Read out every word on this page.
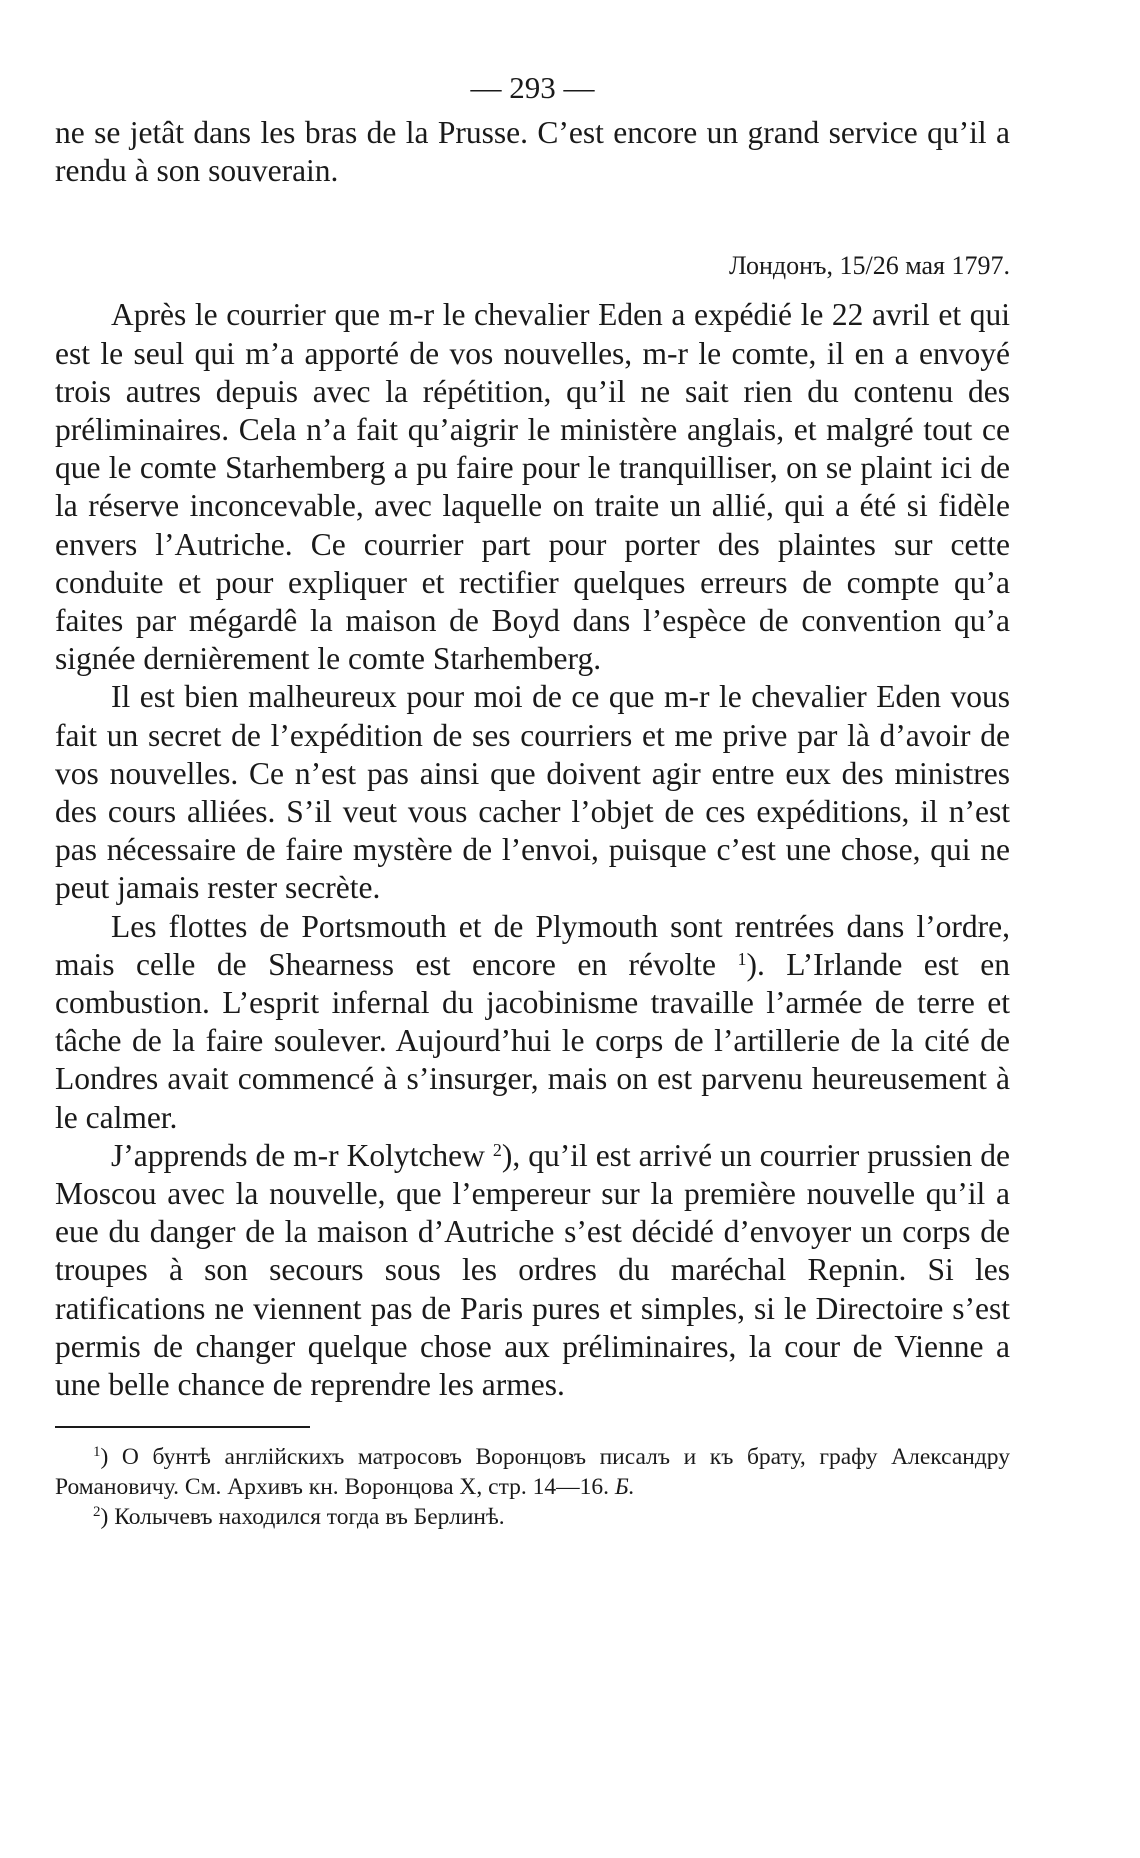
— 293 —

ne se jetât dans les bras de la Prusse. C’est encore un grand service qu’il a rendu à son souverain.

Лондонъ, 15/26 мая 1797.

Après le courrier que m-r le chevalier Eden a expédié le 22 avril et qui est le seul qui m’a apporté de vos nouvelles, m-r le comte, il en a envoyé trois autres depuis avec la répétition, qu’il ne sait rien du contenu des préliminaires. Cela n’a fait qu’aigrir le ministère anglais, et malgré tout ce que le comte Starhemberg a pu faire pour le tranquilliser, on se plaint ici de la réserve inconcevable, avec laquelle on traite un allié, qui a été si fidèle envers l’Autriche. Ce courrier part pour porter des plaintes sur cette conduite et pour expliquer et rectifier quelques erreurs de compte qu’a faites par mégardê la maison de Boyd dans l’espèce de convention qu’a signée dernièrement le comte Starhemberg.

Il est bien malheureux pour moi de ce que m-r le chevalier Eden vous fait un secret de l’expédition de ses courriers et me prive par là d’avoir de vos nouvelles. Ce n’est pas ainsi que doivent agir entre eux des ministres des cours alliées. S’il veut vous cacher l’objet de ces expéditions, il n’est pas nécessaire de faire mystère de l’envoi, puisque c’est une chose, qui ne peut jamais rester secrète.

Les flottes de Portsmouth et de Plymouth sont rentrées dans l’ordre, mais celle de Shearness est encore en révolte $^1$). L’Irlande est en combustion. L’esprit infernal du jacobinisme travaille l’armée de terre et tâche de la faire soulever. Aujourd’hui le corps de l’artillerie de la cité de Londres avait commencé à s’insurger, mais on est parvenu heureusement à le calmer.

J’apprends de m-r Kolytchew $^2$), qu’il est arrivé un courrier prussien de Moscou avec la nouvelle, que l’empereur sur la première nouvelle qu’il a eue du danger de la maison d’Autriche s’est décidé d’envoyer un corps de troupes à son secours sous les ordres du maréchal Repnin. Si les ratifications ne viennent pas de Paris pures et simples, si le Directoire s’est permis de changer quelque chose aux préliminaires, la cour de Vienne a une belle chance de reprendre les armes.

$^1$) О бунтѣ англійскихъ матросовъ Воронцовъ писалъ и къ брату, графу Александру Романовичу. См. Архивъ кн. Воронцова X, стр. 14—16. Б.

$^2$) Колычевъ находился тогда въ Берлинѣ.
